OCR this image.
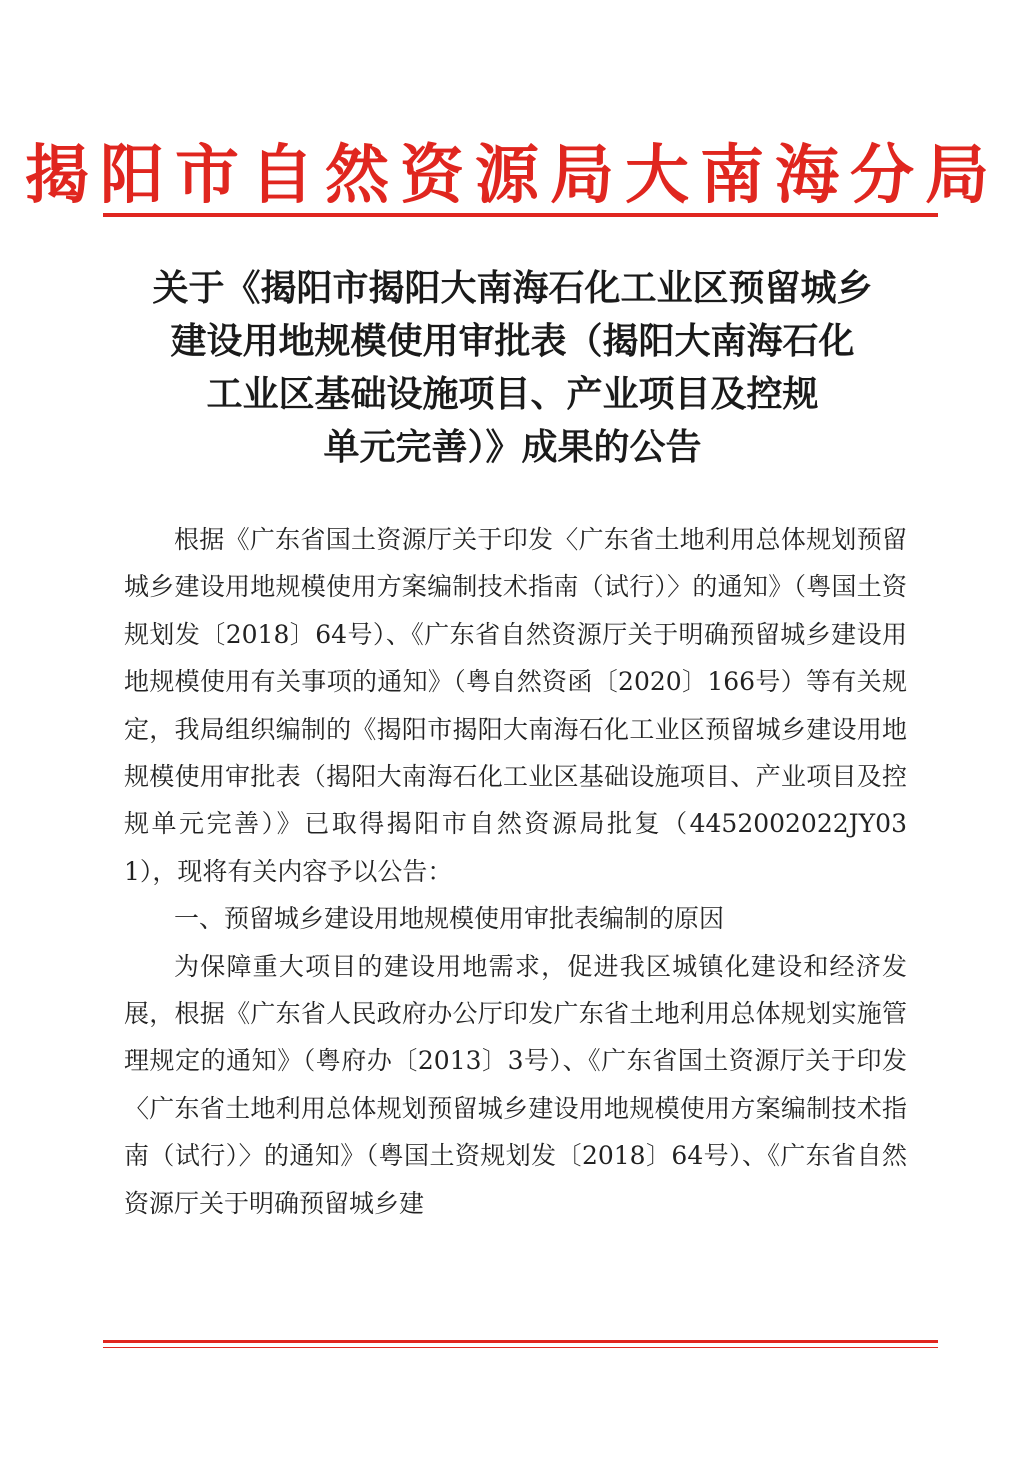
揭阳市自然资源局大南海分局
关于《揭阳市揭阳大南海石化工业区预留城乡
建设用地规模使用审批表（揭阳大南海石化
工业区基础设施项目、产业项目及控规
单元完善）》成果的公告

根据《广东省国土资源厅关于印发〈广东省土地利用总体规划预留城乡建设用地规模使用方案编制技术指南（试行）〉的通知》（粤国土资规划发〔2018〕64号）、《广东省自然资源厅关于明确预留城乡建设用地规模使用有关事项的通知》（粤自然资函〔2020〕166号）等有关规定，我局组织编制的《揭阳市揭阳大南海石化工业区预留城乡建设用地规模使用审批表（揭阳大南海石化工业区基础设施项目、产业项目及控规单元完善）》已取得揭阳市自然资源局批复（4452002022JY031），现将有关内容予以公告：

一、预留城乡建设用地规模使用审批表编制的原因

为保障重大项目的建设用地需求，促进我区城镇化建设和经济发展，根据《广东省人民政府办公厅印发广东省土地利用总体规划实施管理规定的通知》（粤府办〔2013〕3号）、《广东省国土资源厅关于印发〈广东省土地利用总体规划预留城乡建设用地规模使用方案编制技术指南（试行）〉的通知》（粤国土资规划发〔2018〕64号）、《广东省自然资源厅关于明确预留城乡建
